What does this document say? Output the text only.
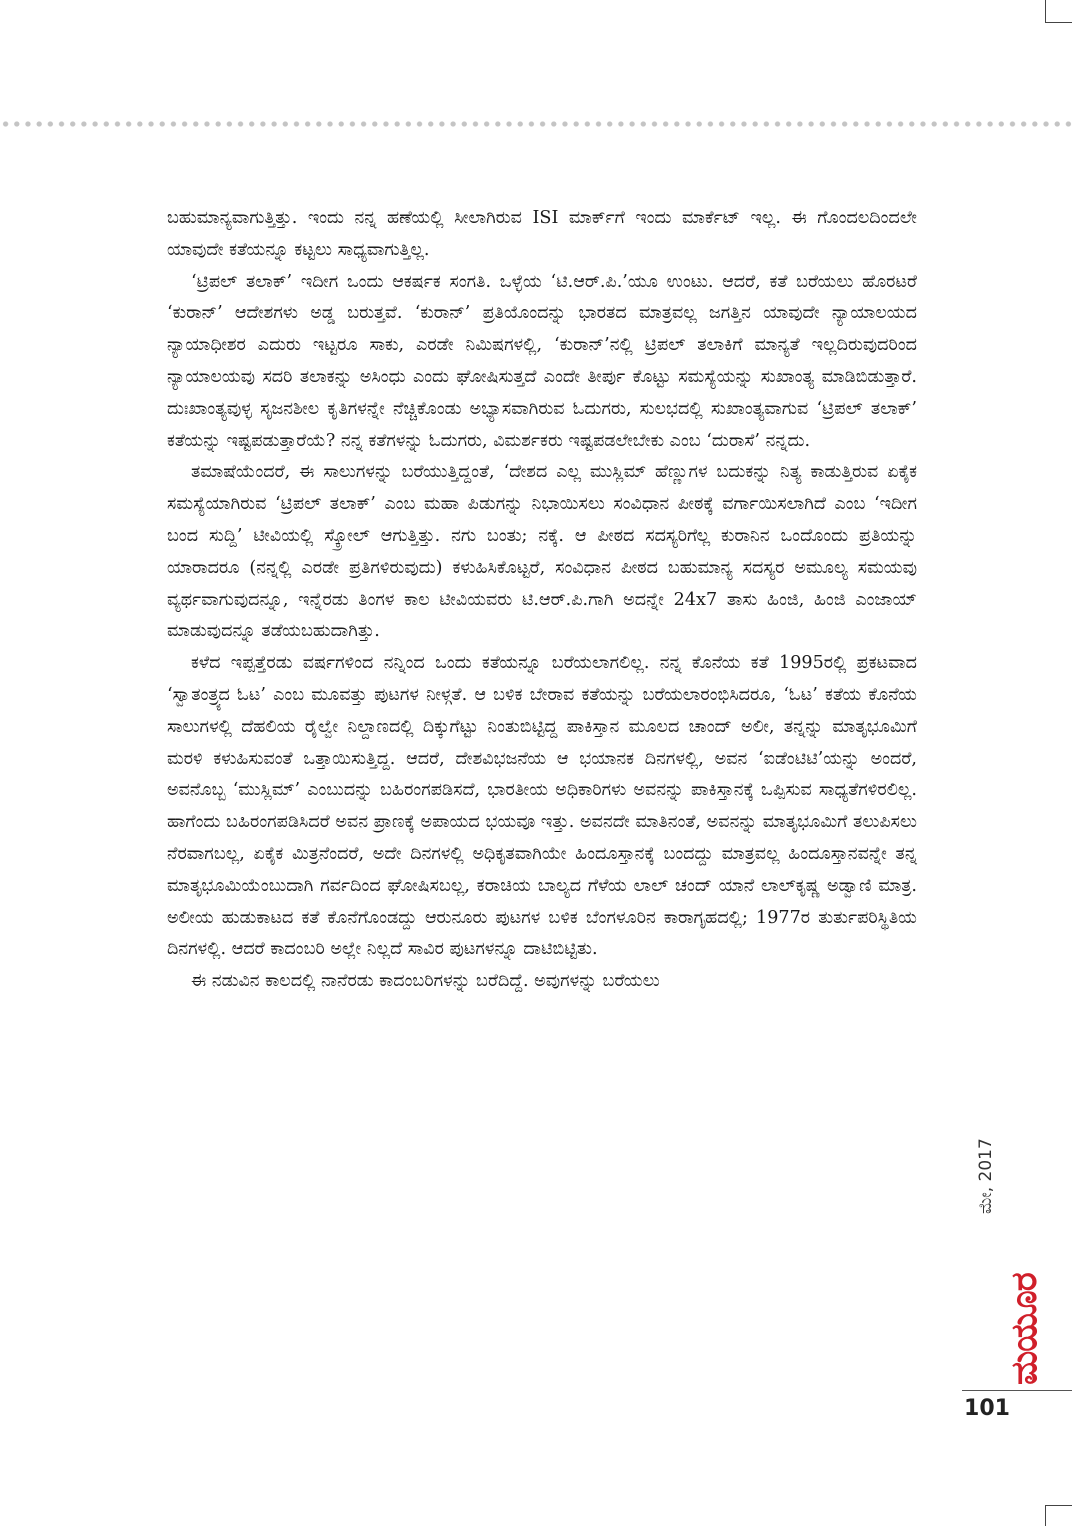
ಬಹುಮಾನ್ಯವಾಗುತ್ತಿತ್ತು. ಇಂದು ನನ್ನ ಹಣೆಯಲ್ಲಿ ಸೀಲಾಗಿರುವ ISI ಮಾರ್ಕ್‌ಗೆ ಇಂದು ಮಾರ್ಕೆಟ್ ಇಲ್ಲ. ಈ ಗೊಂದಲದಿಂದಲೇ ಯಾವುದೇ ಕತೆಯನ್ನೂ ಕಟ್ಟಲು ಸಾಧ್ಯವಾಗುತ್ತಿಲ್ಲ.

‘ಟ್ರಿಪಲ್ ತಲಾಕ್’ ಇದೀಗ ಒಂದು ಆಕರ್ಷಕ ಸಂಗತಿ. ಒಳ್ಳೆಯ ‘ಟಿ.ಆರ್.ಪಿ.’ಯೂ ಉಂಟು. ಆದರೆ, ಕತೆ ಬರೆಯಲು ಹೊರಟರೆ ‘ಕುರಾನ್’ ಆದೇಶಗಳು ಅಡ್ಡ ಬರುತ್ತವೆ. ‘ಕುರಾನ್’ ಪ್ರತಿಯೊಂದನ್ನು ಭಾರತದ ಮಾತ್ರವಲ್ಲ ಜಗತ್ತಿನ ಯಾವುದೇ ನ್ಯಾಯಾಲಯದ ನ್ಯಾಯಾಧೀಶರ ಎದುರು ಇಟ್ಟರೂ ಸಾಕು, ಎರಡೇ ನಿಮಿಷಗಳಲ್ಲಿ, ‘ಕುರಾನ್’ನಲ್ಲಿ ಟ್ರಿಪಲ್ ತಲಾಕಿಗೆ ಮಾನ್ಯತೆ ಇಲ್ಲದಿರುವುದರಿಂದ ನ್ಯಾಯಾಲಯವು ಸದರಿ ತಲಾಕನ್ನು ಅಸಿಂಧು ಎಂದು ಘೋಷಿಸುತ್ತದೆ ಎಂದೇ ತೀರ್ಪು ಕೊಟ್ಟು ಸಮಸ್ಯೆಯನ್ನು ಸುಖಾಂತ್ಯ ಮಾಡಿಬಿಡುತ್ತಾರೆ. ದುಃಖಾಂತ್ಯವುಳ್ಳ ಸೃಜನಶೀಲ ಕೃತಿಗಳನ್ನೇ ನೆಚ್ಚಿಕೊಂಡು ಅಭ್ಯಾಸವಾಗಿರುವ ಓದುಗರು, ಸುಲಭದಲ್ಲಿ ಸುಖಾಂತ್ಯವಾಗುವ ‘ಟ್ರಿಪಲ್ ತಲಾಕ್’ ಕತೆಯನ್ನು ಇಷ್ಟಪಡುತ್ತಾರೆಯೆ? ನನ್ನ ಕತೆಗಳನ್ನು ಓದುಗರು, ವಿಮರ್ಶಕರು ಇಷ್ಟಪಡಲೇಬೇಕು ಎಂಬ ‘ದುರಾಸೆ’ ನನ್ನದು.

ತಮಾಷೆಯೆಂದರೆ, ಈ ಸಾಲುಗಳನ್ನು ಬರೆಯುತ್ತಿದ್ದಂತೆ, ‘ದೇಶದ ಎಲ್ಲ ಮುಸ್ಲಿಮ್ ಹೆಣ್ಣುಗಳ ಬದುಕನ್ನು ನಿತ್ಯ ಕಾಡುತ್ತಿರುವ ಏಕೈಕ ಸಮಸ್ಯೆಯಾಗಿರುವ ‘ಟ್ರಿಪಲ್ ತಲಾಕ್’ ಎಂಬ ಮಹಾ ಪಿಡುಗನ್ನು ನಿಭಾಯಿಸಲು ಸಂವಿಧಾನ ಪೀಠಕ್ಕೆ ವರ್ಗಾಯಿಸಲಾಗಿದೆ ಎಂಬ ‘ಇದೀಗ ಬಂದ ಸುದ್ದಿ’ ಟೀವಿಯಲ್ಲಿ ಸ್ಕ್ರೋಲ್ ಆಗುತ್ತಿತ್ತು. ನಗು ಬಂತು; ನಕ್ಕೆ. ಆ ಪೀಠದ ಸದಸ್ಯರಿಗೆಲ್ಲ ಕುರಾನಿನ ಒಂದೊಂದು ಪ್ರತಿಯನ್ನು ಯಾರಾದರೂ (ನನ್ನಲ್ಲಿ ಎರಡೇ ಪ್ರತಿಗಳಿರುವುದು) ಕಳುಹಿಸಿಕೊಟ್ಟರೆ, ಸಂವಿಧಾನ ಪೀಠದ ಬಹುಮಾನ್ಯ ಸದಸ್ಯರ ಅಮೂಲ್ಯ ಸಮಯವು ವ್ಯರ್ಥವಾಗುವುದನ್ನೂ, ಇನ್ನೆರಡು ತಿಂಗಳ ಕಾಲ ಟೀವಿಯವರು ಟಿ.ಆರ್.ಪಿ.ಗಾಗಿ ಅದನ್ನೇ 24x7 ತಾಸು ಹಿಂಜಿ, ಹಿಂಜಿ ಎಂಜಾಯ್ ಮಾಡುವುದನ್ನೂ ತಡೆಯಬಹುದಾಗಿತ್ತು.

ಕಳೆದ ಇಪ್ಪತ್ತೆರಡು ವರ್ಷಗಳಿಂದ ನನ್ನಿಂದ ಒಂದು ಕತೆಯನ್ನೂ ಬರೆಯಲಾಗಲಿಲ್ಲ. ನನ್ನ ಕೊನೆಯ ಕತೆ 1995ರಲ್ಲಿ ಪ್ರಕಟವಾದ ‘ಸ್ವಾತಂತ್ರ್ಯದ ಓಟ’ ಎಂಬ ಮೂವತ್ತು ಪುಟಗಳ ನೀಳ್ಗತೆ. ಆ ಬಳಿಕ ಬೇರಾವ ಕತೆಯನ್ನು ಬರೆಯಲಾರಂಭಿಸಿದರೂ, ‘ಓಟ’ ಕತೆಯ ಕೊನೆಯ ಸಾಲುಗಳಲ್ಲಿ ದೆಹಲಿಯ ರೈಲ್ವೇ ನಿಲ್ದಾಣದಲ್ಲಿ ದಿಕ್ಕುಗೆಟ್ಟು ನಿಂತುಬಿಟ್ಟಿದ್ದ ಪಾಕಿಸ್ತಾನ ಮೂಲದ ಚಾಂದ್ ಅಲೀ, ತನ್ನನ್ನು ಮಾತೃಭೂಮಿಗೆ ಮರಳಿ ಕಳುಹಿಸುವಂತೆ ಒತ್ತಾಯಿಸುತ್ತಿದ್ದ. ಆದರೆ, ದೇಶವಿಭಜನೆಯ ಆ ಭಯಾನಕ ದಿನಗಳಲ್ಲಿ, ಅವನ ‘ಐಡೆಂಟಿಟಿ’ಯನ್ನು ಅಂದರೆ, ಅವನೊಬ್ಬ ‘ಮುಸ್ಲಿಮ್’ ಎಂಬುದನ್ನು ಬಹಿರಂಗಪಡಿಸದೆ, ಭಾರತೀಯ ಅಧಿಕಾರಿಗಳು ಅವನನ್ನು ಪಾಕಿಸ್ತಾನಕ್ಕೆ ಒಪ್ಪಿಸುವ ಸಾಧ್ಯತೆಗಳಿರಲಿಲ್ಲ. ಹಾಗೆಂದು ಬಹಿರಂಗಪಡಿಸಿದರೆ ಅವನ ಪ್ರಾಣಕ್ಕೆ ಅಪಾಯದ ಭಯವೂ ಇತ್ತು. ಅವನದೇ ಮಾತಿನಂತೆ, ಅವನನ್ನು ಮಾತೃಭೂಮಿಗೆ ತಲುಪಿಸಲು ನೆರವಾಗಬಲ್ಲ, ಏಕೈಕ ಮಿತ್ರನೆಂದರೆ, ಅದೇ ದಿನಗಳಲ್ಲಿ ಅಧಿಕೃತವಾಗಿಯೇ ಹಿಂದೂಸ್ತಾನಕ್ಕೆ ಬಂದದ್ದು ಮಾತ್ರವಲ್ಲ ಹಿಂದೂಸ್ತಾನವನ್ನೇ ತನ್ನ ಮಾತೃಭೂಮಿಯೆಂಬುದಾಗಿ ಗರ್ವದಿಂದ ಘೋಷಿಸಬಲ್ಲ, ಕರಾಚಿಯ ಬಾಲ್ಯದ ಗೆಳೆಯ ಲಾಲ್ ಚಂದ್ ಯಾನೆ ಲಾಲ್‌ಕೃಷ್ಣ ಅಡ್ವಾಣಿ ಮಾತ್ರ. ಅಲೀಯ ಹುಡುಕಾಟದ ಕತೆ ಕೊನೆಗೊಂಡದ್ದು ಆರುನೂರು ಪುಟಗಳ ಬಳಿಕ ಬೆಂಗಳೂರಿನ ಕಾರಾಗೃಹದಲ್ಲಿ; 1977ರ ತುರ್ತುಪರಿಸ್ಥಿತಿಯ ದಿನಗಳಲ್ಲಿ. ಆದರೆ ಕಾದಂಬರಿ ಅಲ್ಲೇ ನಿಲ್ಲದೆ ಸಾವಿರ ಪುಟಗಳನ್ನೂ ದಾಟಿಬಿಟ್ಟಿತು.

ಈ ನಡುವಿನ ಕಾಲದಲ್ಲಿ ನಾನೆರಡು ಕಾದಂಬರಿಗಳನ್ನು ಬರೆದಿದ್ದೆ. ಅವುಗಳನ್ನು ಬರೆಯಲು

ಮೇ, 2017
ಮಯೂರ
101
